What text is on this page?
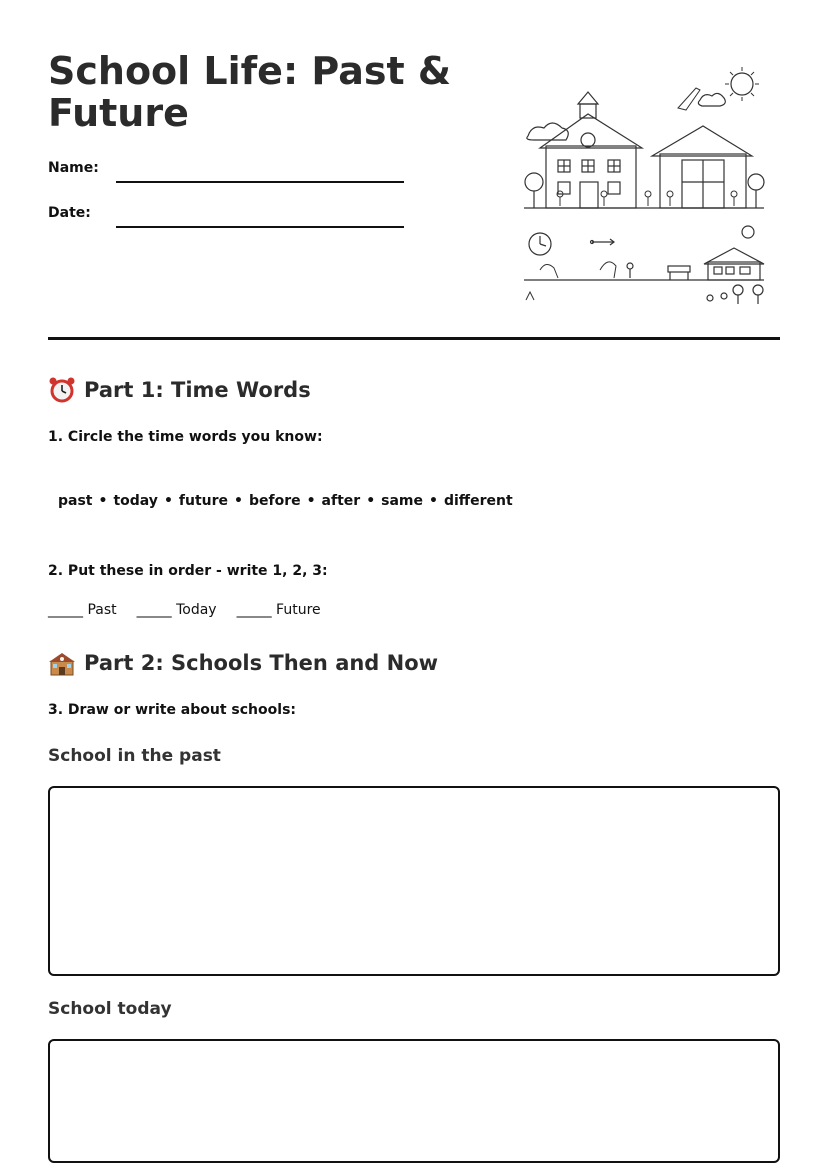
School Life: Past & Future
Name:
Date:
Part 1: Time Words
1. Circle the time words you know:
past • today • future • before • after • same • different
2. Put these in order - write 1, 2, 3:
_____ Past _____ Today _____ Future
Part 2: Schools Then and Now
3. Draw or write about schools:
School in the past
School today
